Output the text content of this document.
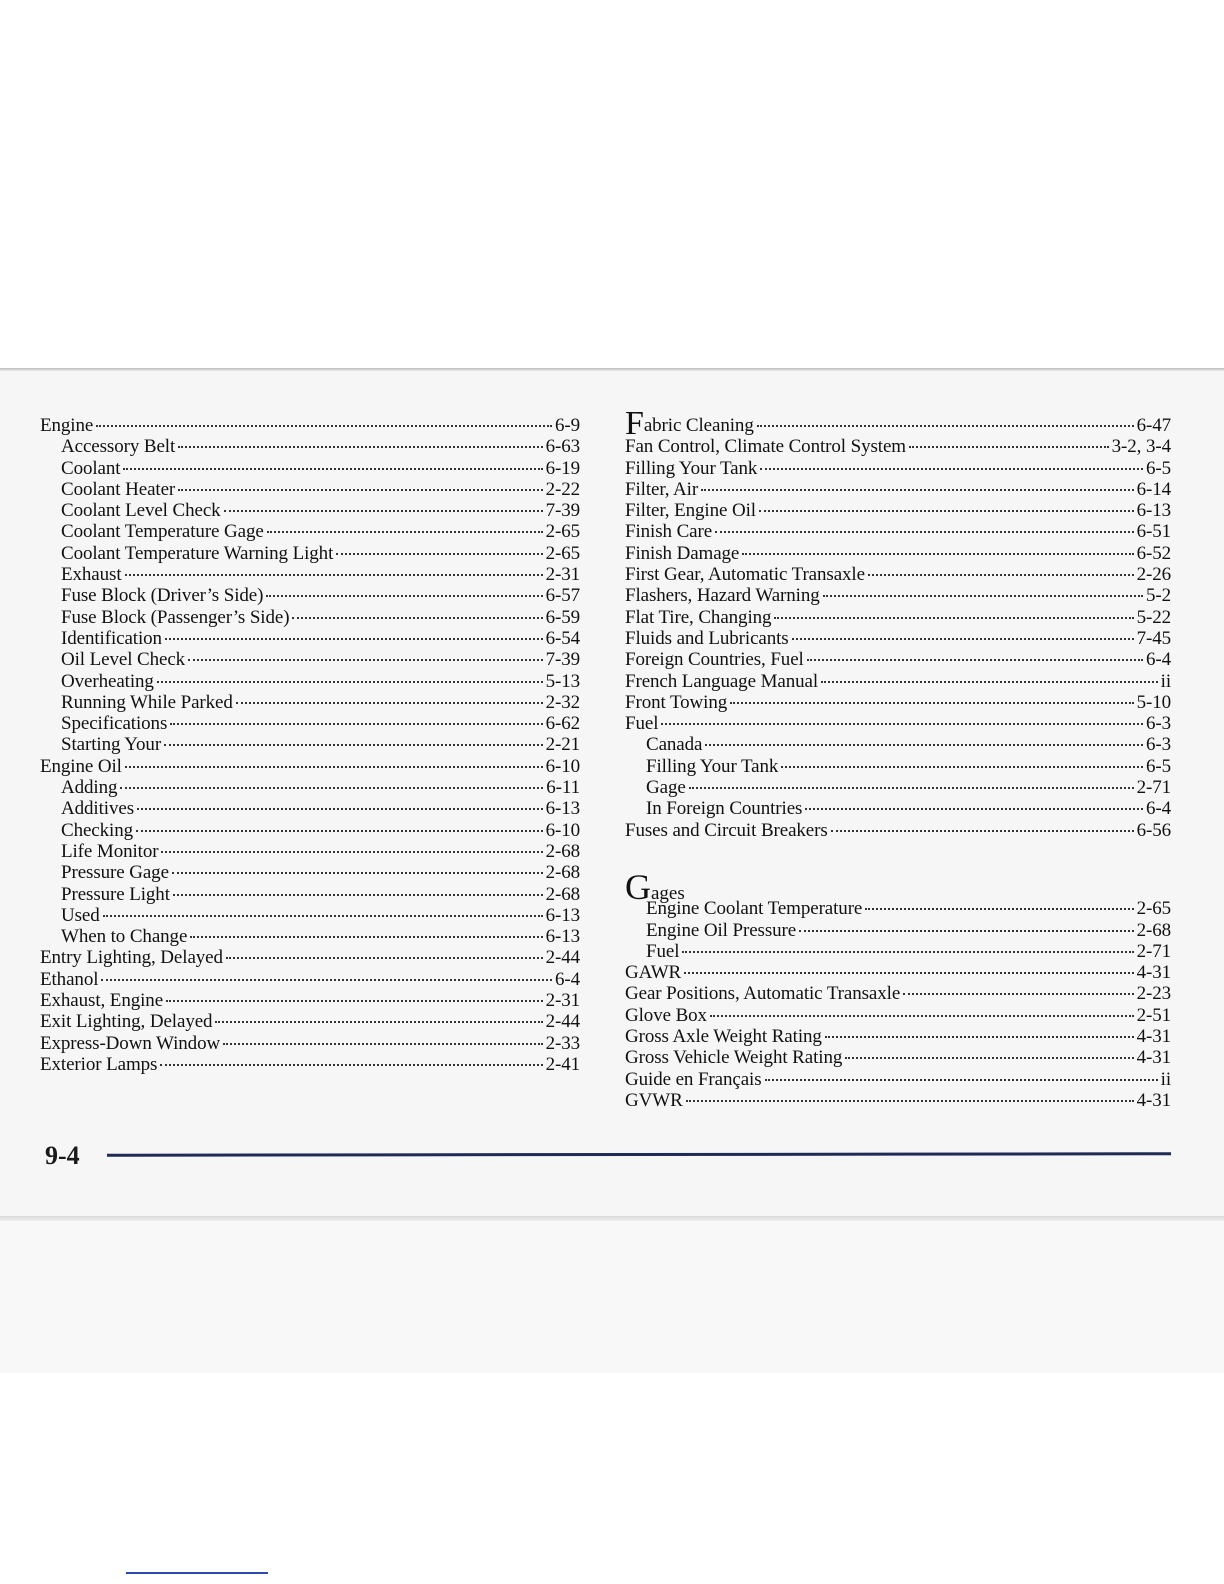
Engine	6-9
Accessory Belt	6-63
Coolant	6-19
Coolant Heater	2-22
Coolant Level Check	7-39
Coolant Temperature Gage	2-65
Coolant Temperature Warning Light	2-65
Exhaust	2-31
Fuse Block (Driver’s Side)	6-57
Fuse Block (Passenger’s Side)	6-59
Identification	6-54
Oil Level Check	7-39
Overheating	5-13
Running While Parked	2-32
Specifications	6-62
Starting Your	2-21
Engine Oil	6-10
Adding	6-11
Additives	6-13
Checking	6-10
Life Monitor	2-68
Pressure Gage	2-68
Pressure Light	2-68
Used	6-13
When to Change	6-13
Entry Lighting, Delayed	2-44
Ethanol	6-4
Exhaust, Engine	2-31
Exit Lighting, Delayed	2-44
Express-Down Window	2-33
Exterior Lamps	2-41
Fabric Cleaning	6-47
Fan Control, Climate Control System	3-2, 3-4
Filling Your Tank	6-5
Filter, Air	6-14
Filter, Engine Oil	6-13
Finish Care	6-51
Finish Damage	6-52
First Gear, Automatic Transaxle	2-26
Flashers, Hazard Warning	5-2
Flat Tire, Changing	5-22
Fluids and Lubricants	7-45
Foreign Countries, Fuel	6-4
French Language Manual	ii
Front Towing	5-10
Fuel	6-3
Canada	6-3
Filling Your Tank	6-5
Gage	2-71
In Foreign Countries	6-4
Fuses and Circuit Breakers	6-56
Gages
Engine Coolant Temperature	2-65
Engine Oil Pressure	2-68
Fuel	2-71
GAWR	4-31
Gear Positions, Automatic Transaxle	2-23
Glove Box	2-51
Gross Axle Weight Rating	4-31
Gross Vehicle Weight Rating	4-31
Guide en Français	ii
GVWR	4-31
9-4
